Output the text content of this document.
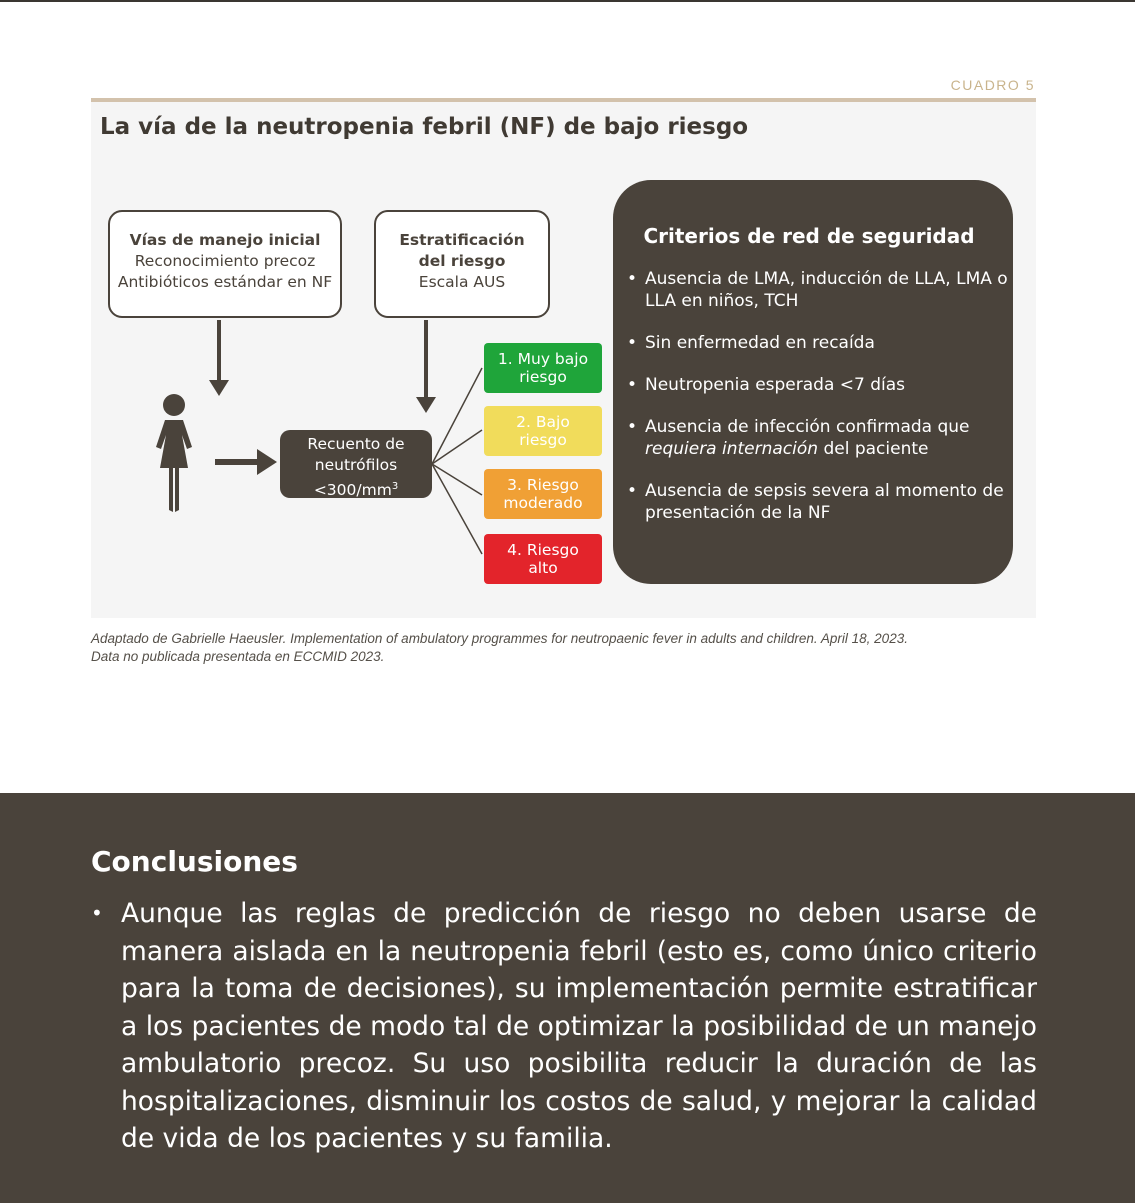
CUADRO 5
La vía de la neutropenia febril (NF) de bajo riesgo
Vías de manejo inicial
Reconocimiento precoz
Antibióticos estándar en NF
Estratificación
del riesgo
Escala AUS
Recuento de
neutrófilos
$<300/mm^3$
1. Muy bajo
riesgo
2. Bajo
riesgo
3. Riesgo
moderado
4. Riesgo
alto
Criterios de red de seguridad
• Ausencia de LMA, inducción de LLA, LMA o LLA en niños, TCH
• Sin enfermedad en recaída
• Neutropenia esperada <7 días
• Ausencia de infección confirmada que requiera internación del paciente
• Ausencia de sepsis severa al momento de presentación de la NF
Adaptado de Gabrielle Haeusler. Implementation of ambulatory programmes for neutropaenic fever in adults and children. April 18, 2023.
Data no publicada presentada en ECCMID 2023.
Conclusiones
• Aunque las reglas de predicción de riesgo no deben usarse de manera aislada en la neutropenia febril (esto es, como único criterio para la toma de decisiones), su implementación permite estratificar a los pacientes de modo tal de optimizar la posibilidad de un manejo ambulatorio precoz. Su uso posibilita reducir la duración de las hospitalizaciones, disminuir los costos de salud, y mejorar la calidad de vida de los pacientes y su familia.
